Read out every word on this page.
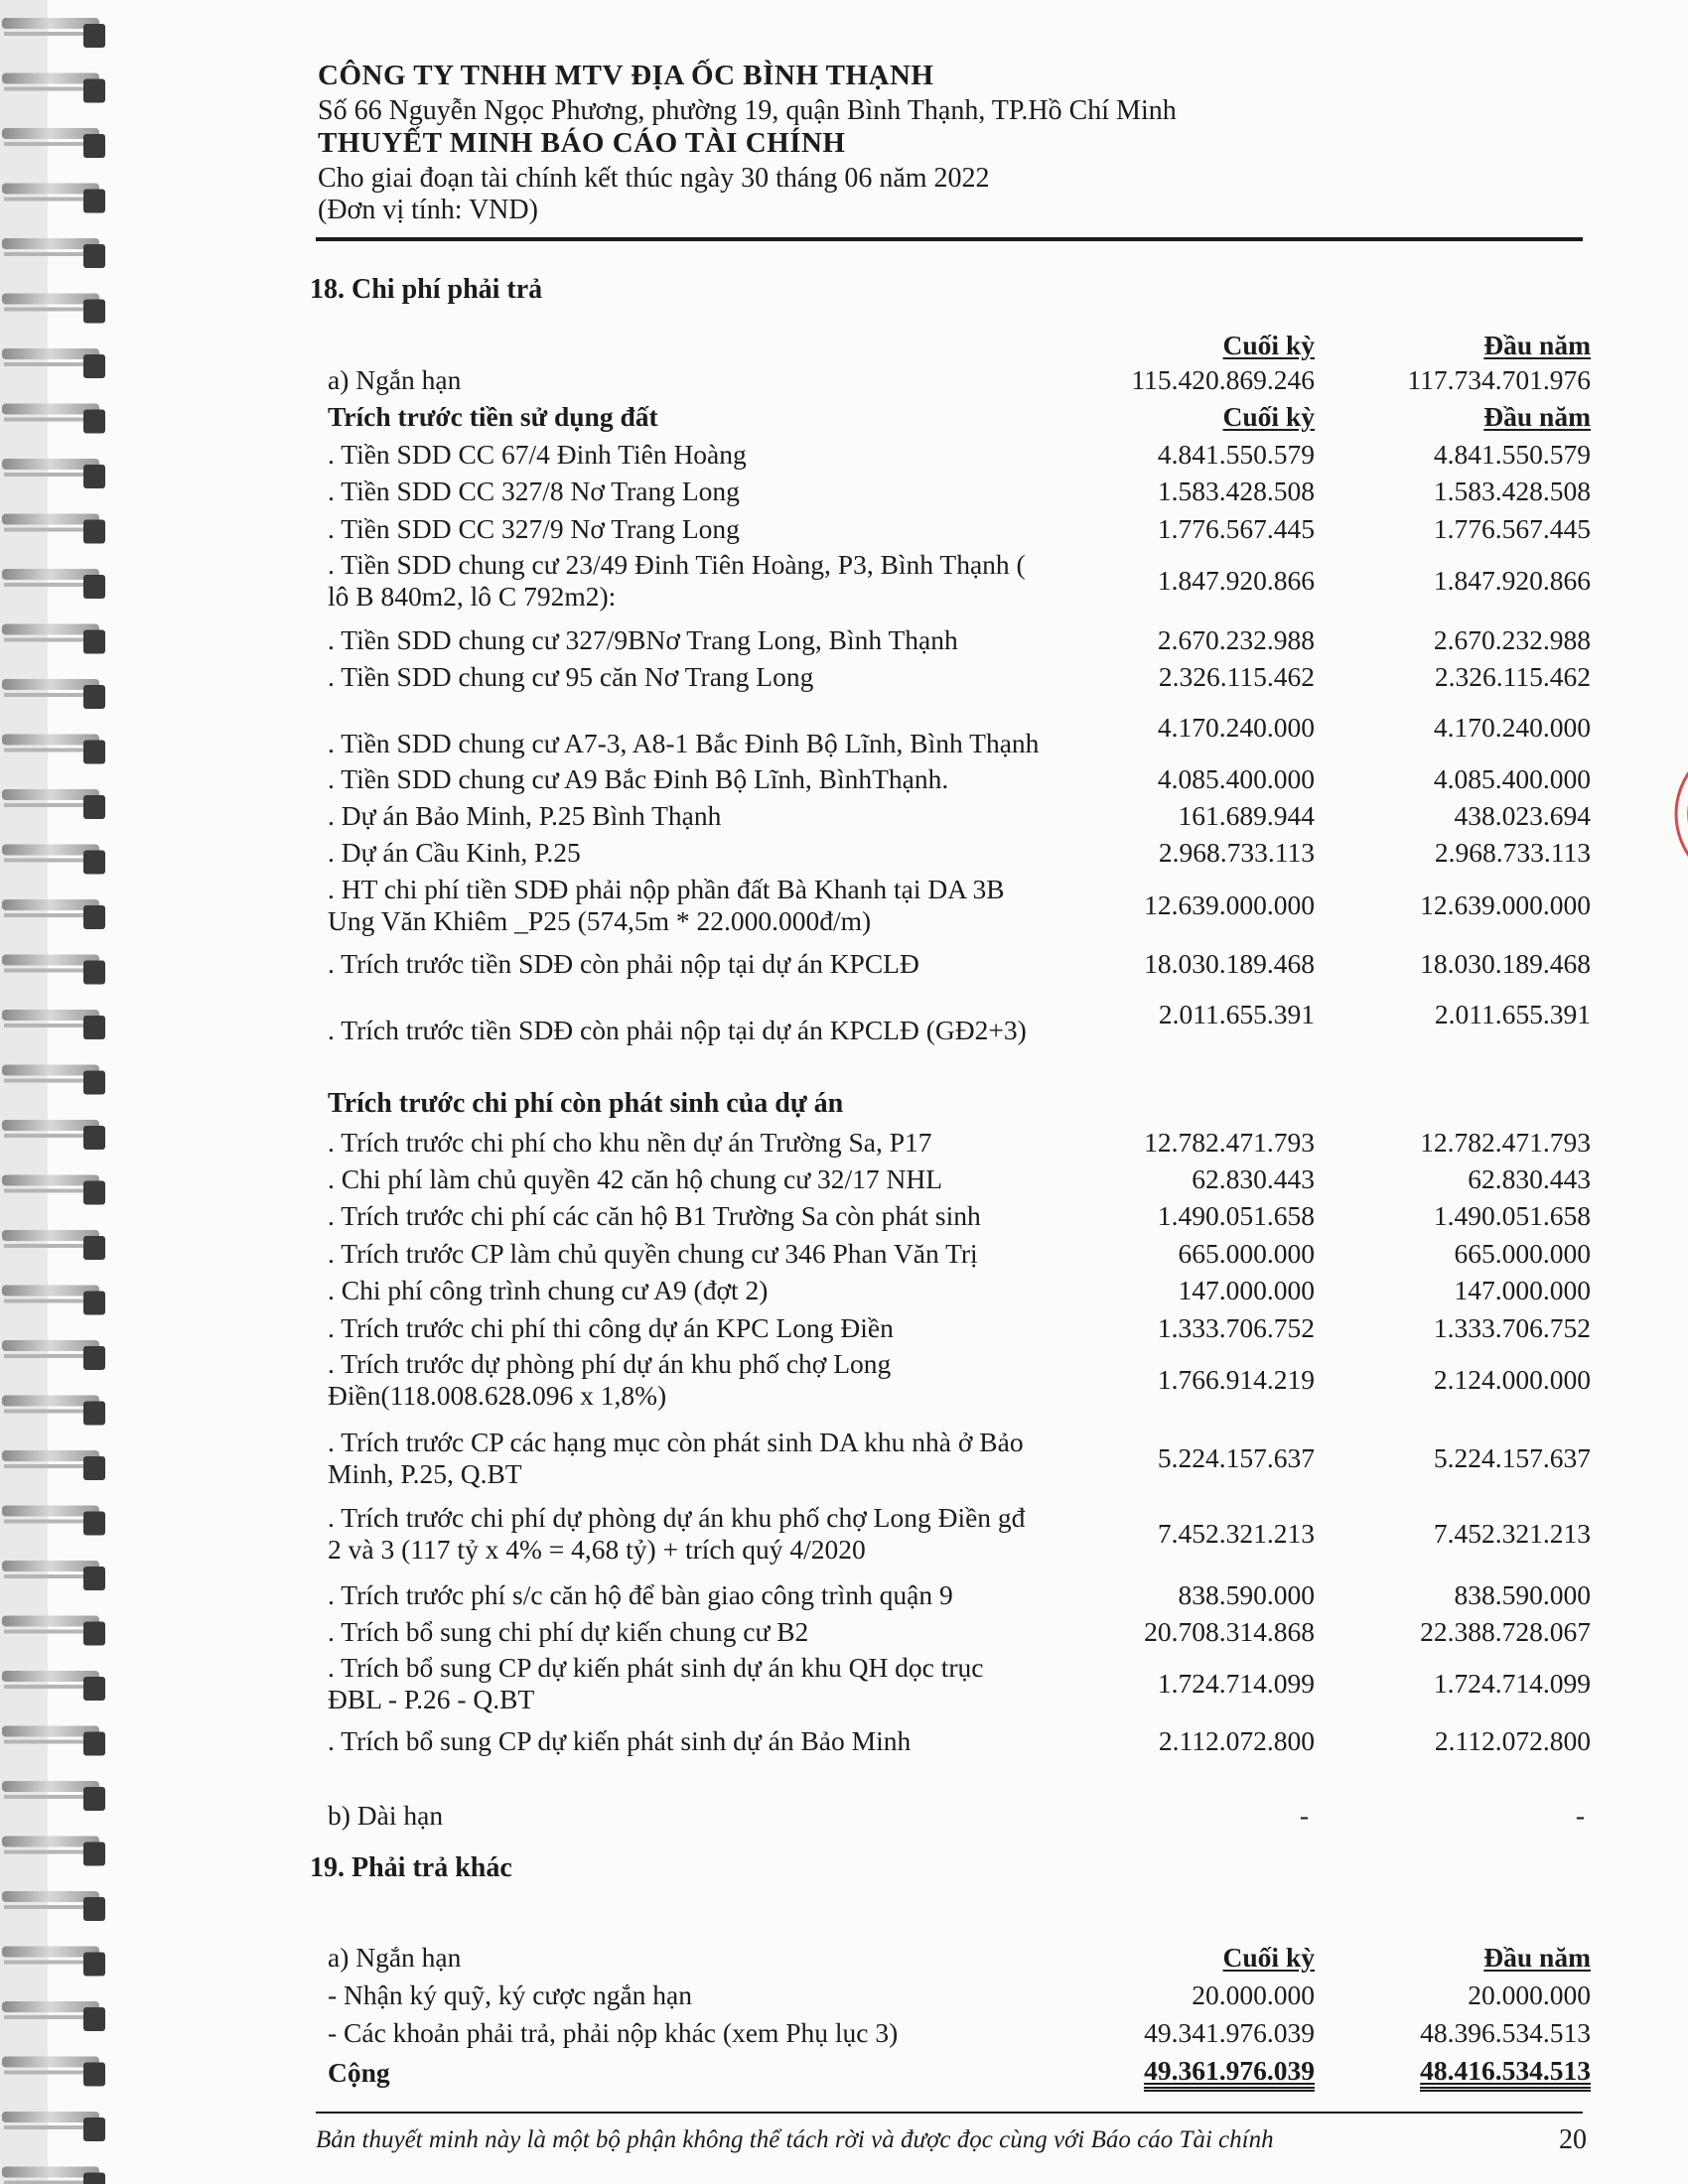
CÔNG TY TNHH MTV ĐỊA ỐC BÌNH THẠNH
Số 66 Nguyễn Ngọc Phương, phường 19, quận Bình Thạnh, TP.Hồ Chí Minh
THUYẾT MINH BÁO CÁO TÀI CHÍNH
Cho giai đoạn tài chính kết thúc ngày 30 tháng 06 năm 2022
(Đơn vị tính: VND)
18. Chi phí phải trả
Cuối kỳ	Đầu năm
a) Ngắn hạn	115.420.869.246	117.734.701.976
Trích trước tiền sử dụng đất	Cuối kỳ	Đầu năm
. Tiền SDD CC 67/4 Đinh Tiên Hoàng	4.841.550.579	4.841.550.579
. Tiền SDD CC 327/8 Nơ Trang Long	1.583.428.508	1.583.428.508
. Tiền SDD CC 327/9 Nơ Trang Long	1.776.567.445	1.776.567.445
. Tiền SDD chung cư 23/49 Đinh Tiên Hoàng, P3, Bình Thạnh ( lô B 840m2, lô C 792m2):
1.847.920.866	1.847.920.866
. Tiền SDD chung cư 327/9BNơ Trang Long, Bình Thạnh	2.670.232.988	2.670.232.988
. Tiền SDD chung cư 95 căn Nơ Trang Long	2.326.115.462	2.326.115.462
. Tiền SDD chung cư A7-3, A8-1 Bắc Đinh Bộ Lĩnh, Bình Thạnh
4.170.240.000	4.170.240.000
. Tiền SDD chung cư A9 Bắc Đinh Bộ Lĩnh, BìnhThạnh.	4.085.400.000	4.085.400.000
. Dự án Bảo Minh, P.25 Bình Thạnh	161.689.944	438.023.694
. Dự án Cầu Kinh, P.25	2.968.733.113	2.968.733.113
. HT chi phí tiền SDĐ phải nộp phần đất Bà Khanh tại DA 3B Ung Văn Khiêm _P25 (574,5m * 22.000.000đ/m)
12.639.000.000	12.639.000.000
. Trích trước tiền SDĐ còn phải nộp tại dự án KPCLĐ	18.030.189.468	18.030.189.468
. Trích trước tiền SDĐ còn phải nộp tại dự án KPCLĐ (GĐ2+3)
2.011.655.391	2.011.655.391
Trích trước chi phí còn phát sinh của dự án
. Trích trước chi phí cho khu nền dự án Trường Sa, P17	12.782.471.793	12.782.471.793
. Chi phí làm chủ quyền 42 căn hộ chung cư 32/17 NHL	62.830.443	62.830.443
. Trích trước chi phí các căn hộ B1 Trường Sa còn phát sinh	1.490.051.658	1.490.051.658
. Trích trước CP làm chủ quyền chung cư 346 Phan Văn Trị	665.000.000	665.000.000
. Chi phí công trình chung cư A9 (đợt 2)	147.000.000	147.000.000
. Trích trước chi phí thi công dự án KPC Long Điền	1.333.706.752	1.333.706.752
. Trích trước dự phòng phí dự án khu phố chợ Long Điền(118.008.628.096 x 1,8%)
1.766.914.219	2.124.000.000
. Trích trước CP các hạng mục còn phát sinh DA khu nhà ở Bảo Minh, P.25, Q.BT
5.224.157.637	5.224.157.637
. Trích trước chi phí dự phòng dự án khu phố chợ Long Điền gđ 2 và 3 (117 tỷ x 4% = 4,68 tỷ) + trích quý 4/2020
7.452.321.213	7.452.321.213
. Trích trước phí s/c căn hộ để bàn giao công trình quận 9	838.590.000	838.590.000
. Trích bổ sung chi phí dự kiến chung cư B2	20.708.314.868	22.388.728.067
. Trích bổ sung CP dự kiến phát sinh dự án khu QH dọc trục ĐBL - P.26 - Q.BT
1.724.714.099	1.724.714.099
. Trích bổ sung CP dự kiến phát sinh dự án Bảo Minh	2.112.072.800	2.112.072.800
b) Dài hạn	-	-
19. Phải trả khác
a) Ngắn hạn	Cuối kỳ	Đầu năm
- Nhận ký quỹ, ký cược ngắn hạn	20.000.000	20.000.000
- Các khoản phải trả, phải nộp khác (xem Phụ lục 3)	49.341.976.039	48.396.534.513
Cộng	49.361.976.039	48.416.534.513
Bản thuyết minh này là một bộ phận không thể tách rời và được đọc cùng với Báo cáo Tài chính	20
